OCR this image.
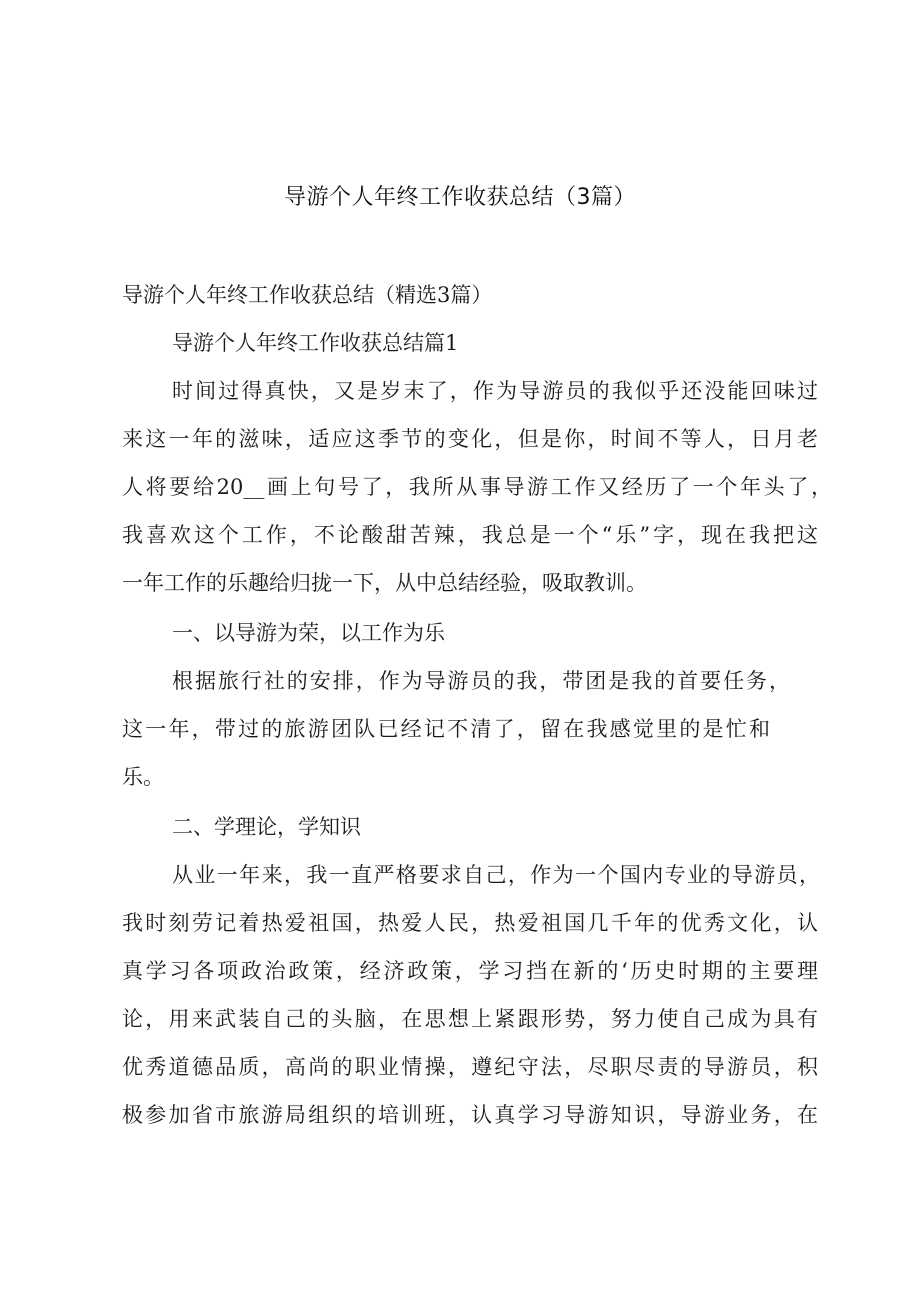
导游个人年终工作收获总结（3篇）

导游个人年终工作收获总结（精选3篇）

导游个人年终工作收获总结篇1

时间过得真快，又是岁末了，作为导游员的我似乎还没能回味过

来这一年的滋味，适应这季节的变化，但是你，时间不等人，日月老

人将要给20__画上句号了，我所从事导游工作又经历了一个年头了，

我喜欢这个工作，不论酸甜苦辣，我总是一个“乐”字，现在我把这

一年工作的乐趣给归拢一下，从中总结经验，吸取教训。

一、以导游为荣，以工作为乐

根据旅行社的安排，作为导游员的我，带团是我的首要任务，

这一年，带过的旅游团队已经记不清了，留在我感觉里的是忙和

乐。

二、学理论，学知识

从业一年来，我一直严格要求自己，作为一个国内专业的导游员，

我时刻劳记着热爱祖国，热爱人民，热爱祖国几千年的优秀文化，认

真学习各项政治政策，经济政策，学习挡在新的‘历史时期的主要理

论，用来武装自己的头脑，在思想上紧跟形势，努力使自己成为具有

优秀道德品质，高尚的职业情操，遵纪守法，尽职尽责的导游员，积

极参加省市旅游局组织的培训班，认真学习导游知识，导游业务，在
